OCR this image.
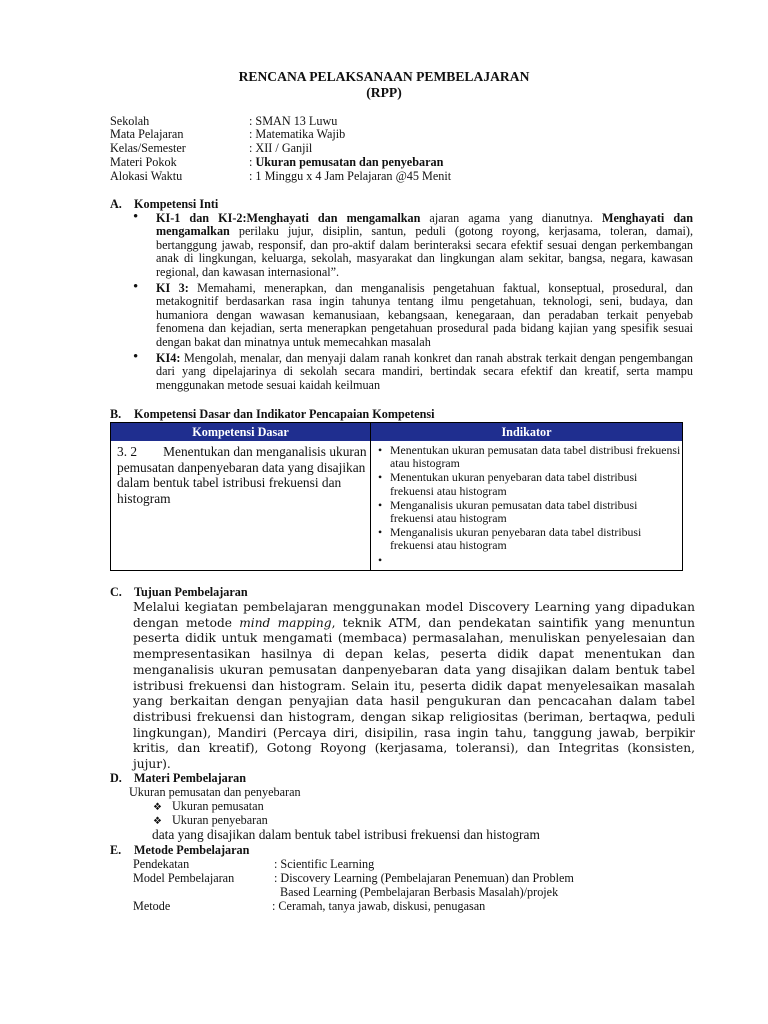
RENCANA PELAKSANAAN PEMBELAJARAN
(RPP)
Sekolah	: SMAN 13 Luwu
Mata Pelajaran	: Matematika Wajib
Kelas/Semester	: XII / Ganjil
Materi Pokok	: Ukuran pemusatan dan penyebaran
Alokasi Waktu	: 1 Minggu x 4 Jam Pelajaran @45 Menit
A. Kompetensi Inti
• KI-1 dan KI-2:Menghayati dan mengamalkan ajaran agama yang dianutnya. Menghayati dan mengamalkan perilaku jujur, disiplin, santun, peduli (gotong royong, kerjasama, toleran, damai), bertanggung jawab, responsif, dan pro-aktif dalam berinteraksi secara efektif sesuai dengan perkembangan anak di lingkungan, keluarga, sekolah, masyarakat dan lingkungan alam sekitar, bangsa, negara, kawasan regional, dan kawasan internasional”.
• KI 3: Memahami, menerapkan, dan menganalisis pengetahuan faktual, konseptual, prosedural, dan metakognitif berdasarkan rasa ingin tahunya tentang ilmu pengetahuan, teknologi, seni, budaya, dan humaniora dengan wawasan kemanusiaan, kebangsaan, kenegaraan, dan peradaban terkait penyebab fenomena dan kejadian, serta menerapkan pengetahuan prosedural pada bidang kajian yang spesifik sesuai dengan bakat dan minatnya untuk memecahkan masalah
• KI4: Mengolah, menalar, dan menyaji dalam ranah konkret dan ranah abstrak terkait dengan pengembangan dari yang dipelajarinya di sekolah secara mandiri, bertindak secara efektif dan kreatif, serta mampu menggunakan metode sesuai kaidah keilmuan
B. Kompetensi Dasar dan Indikator Pencapaian Kompetensi
Kompetensi Dasar	Indikator
3. 2 Menentukan dan menganalisis ukuran pemusatan danpenyebaran data yang disajikan dalam bentuk tabel istribusi frekuensi dan histogram
• Menentukan ukuran pemusatan data tabel distribusi frekuensi atau histogram
• Menentukan ukuran penyebaran data tabel distribusi frekuensi atau histogram
• Menganalisis ukuran pemusatan data tabel distribusi frekuensi atau histogram
• Menganalisis ukuran penyebaran data tabel distribusi frekuensi atau histogram
•
C. Tujuan Pembelajaran
Melalui kegiatan pembelajaran menggunakan model Discovery Learning yang dipadukan dengan metode mind mapping, teknik ATM, dan pendekatan saintifik yang menuntun peserta didik untuk mengamati (membaca) permasalahan, menuliskan penyelesaian dan mempresentasikan hasilnya di depan kelas, peserta didik dapat menentukan dan menganalisis ukuran pemusatan danpenyebaran data yang disajikan dalam bentuk tabel istribusi frekuensi dan histogram. Selain itu, peserta didik dapat menyelesaikan masalah yang berkaitan dengan penyajian data hasil pengukuran dan pencacahan dalam tabel distribusi frekuensi dan histogram, dengan sikap religiositas (beriman, bertaqwa, peduli lingkungan), Mandiri (Percaya diri, disipilin, rasa ingin tahu, tanggung jawab, berpikir kritis, dan kreatif), Gotong Royong (kerjasama, toleransi), dan Integritas (konsisten, jujur).
D. Materi Pembelajaran
Ukuran pemusatan dan penyebaran
❖ Ukuran pemusatan
❖ Ukuran penyebaran
data yang disajikan dalam bentuk tabel istribusi frekuensi dan histogram
E. Metode Pembelajaran
Pendekatan	: Scientific Learning
Model Pembelajaran	: Discovery Learning (Pembelajaran Penemuan) dan Problem
Based Learning (Pembelajaran Berbasis Masalah)/projek
Metode	: Ceramah, tanya jawab, diskusi, penugasan
